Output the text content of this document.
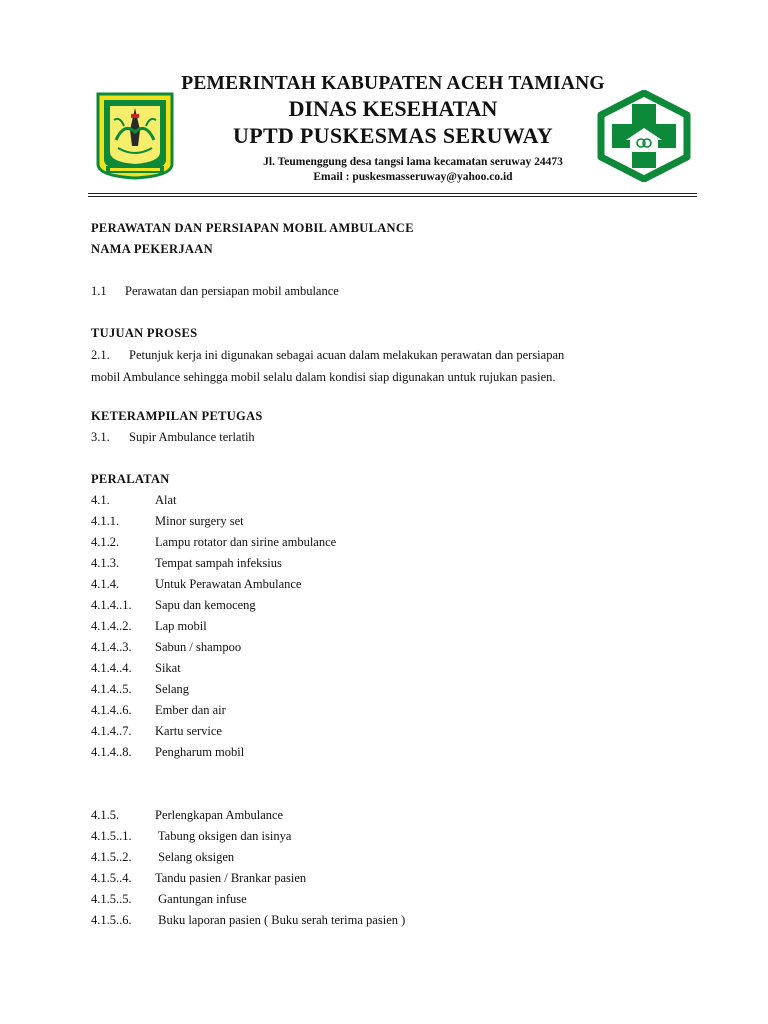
PEMERINTAH KABUPATEN ACEH TAMIANG
DINAS KESEHATAN
UPTD PUSKESMAS SERUWAY
Jl. Teumenggung desa tangsi lama kecamatan seruway 24473
Email : puskesmasseruway@yahoo.co.id
PERAWATAN DAN PERSIAPAN MOBIL AMBULANCE
NAMA PEKERJAAN
1.1 Perawatan dan persiapan mobil ambulance
TUJUAN PROSES
2.1. Petunjuk kerja ini digunakan sebagai acuan dalam melakukan perawatan dan persiapan
mobil Ambulance sehingga mobil selalu dalam kondisi siap digunakan untuk rujukan pasien.
KETERAMPILAN PETUGAS
3.1. Supir Ambulance terlatih
PERALATAN
4.1.	Alat
4.1.1.	Minor surgery set
4.1.2.	Lampu rotator dan sirine ambulance
4.1.3.	Tempat sampah infeksius
4.1.4.	Untuk Perawatan Ambulance
4.1.4..1. Sapu dan kemoceng
4.1.4..2. Lap mobil
4.1.4..3. Sabun / shampoo
4.1.4..4. Sikat
4.1.4..5. Selang
4.1.4..6. Ember dan air
4.1.4..7. Kartu service
4.1.4..8. Pengharum mobil
4.1.5.	Perlengkapan Ambulance
4.1.5..1. Tabung oksigen dan isinya
4.1.5..2. Selang oksigen
4.1.5..4. Tandu pasien / Brankar pasien
4.1.5..5. Gantungan infuse
4.1.5..6. Buku laporan pasien ( Buku serah terima pasien )
